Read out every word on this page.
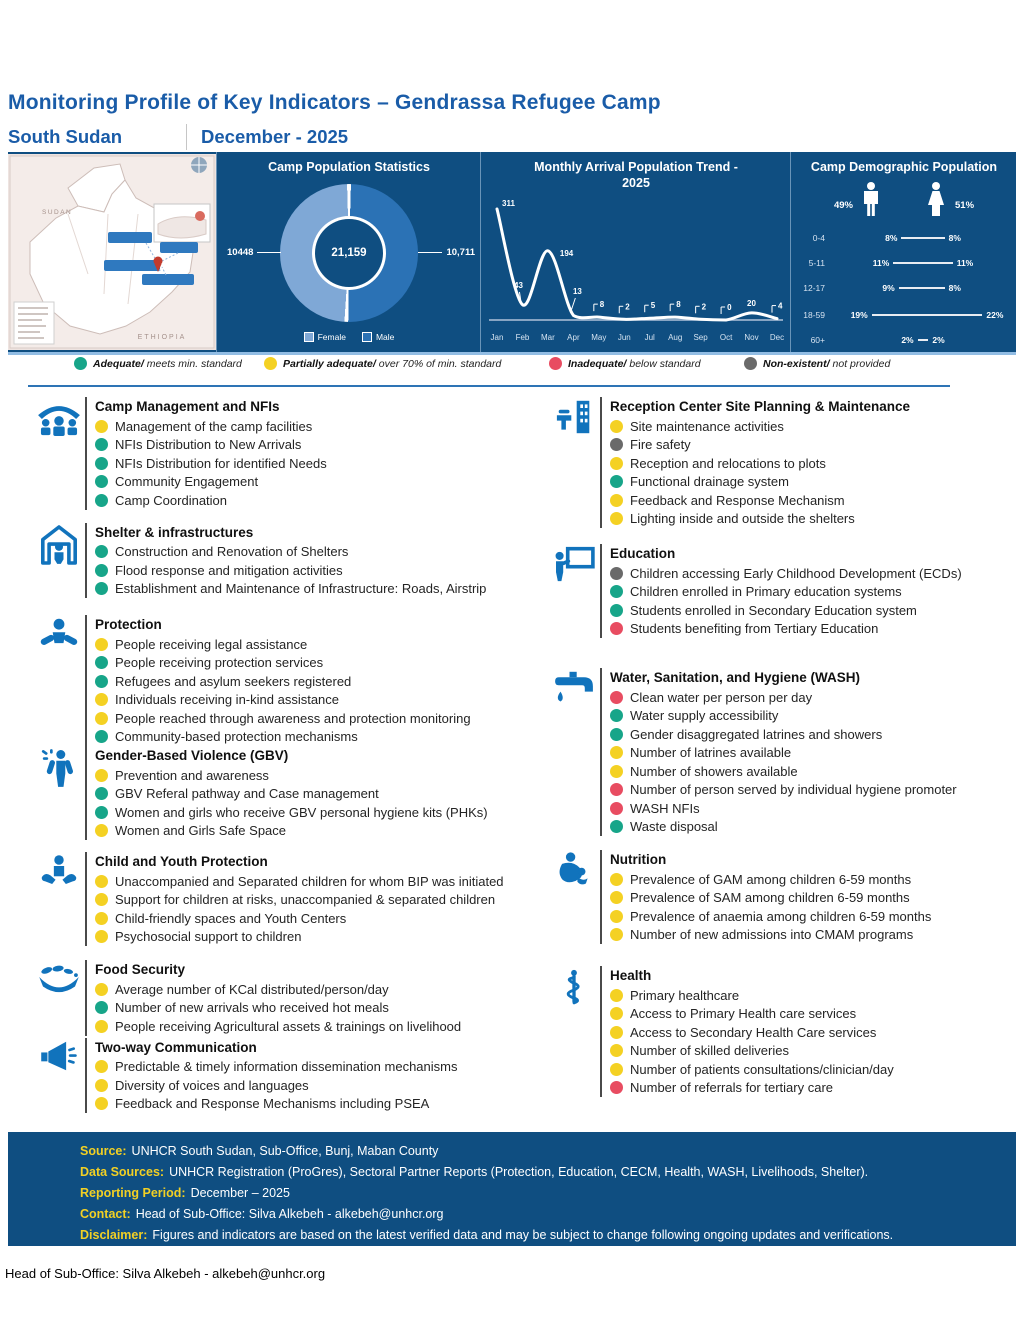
Monitoring Profile of Key Indicators – Gendrassa Refugee Camp
South Sudan	December - 2025
SUDAN
ETHIOPIA
Camp Population Statistics
21,159
10448	10,711
Female	Male
Monthly Arrival Population Trend - 2025
311
Jan
43
Feb
194
Mar
13
Apr
8
May
2
Jun
5
Jul
8
Aug
2
Sep
0
Oct
20
Nov
4
Dec
Camp Demographic Population
49%	51%
0-4	8%	8%
5-11	11%	11%
12-17	9%	8%
18-59	19%	22%
60+	2% 2%
Adequate/ meets min. standard	Partially adequate/ over 70% of min. standard	Inadequate/ below standard	Non-existent/ not provided
Camp Management and NFIs
Management of the camp facilities
NFIs Distribution to New Arrivals
NFIs Distribution for identified Needs
Community Engagement
Camp Coordination
Shelter & infrastructures
Construction and Renovation of Shelters
Flood response and mitigation activities
Establishment and Maintenance of Infrastructure: Roads, Airstrip
Protection
People receiving legal assistance
People receiving protection services
Refugees and asylum seekers registered
Individuals receiving in-kind assistance
People reached through awareness and protection monitoring
Community-based protection mechanisms
Gender-Based Violence (GBV)
Prevention and awareness
GBV Referal pathway and Case management
Women and girls who receive GBV personal hygiene kits (PHKs)
Women and Girls Safe Space
Child and Youth Protection
Unaccompanied and Separated children for whom BIP was initiated
Support for children at risks, unaccompanied & separated children
Child-friendly spaces and Youth Centers
Psychosocial support to children
Food Security
Average number of KCal distributed/person/day
Number of new arrivals who received hot meals
People receiving Agricultural assets & trainings on livelihood
Two-way Communication
Predictable & timely information dissemination mechanisms
Diversity of voices and languages
Feedback and Response Mechanisms including PSEA
Reception Center Site Planning & Maintenance
Site maintenance activities
Fire safety
Reception and relocations to plots
Functional drainage system
Feedback and Response Mechanism
Lighting inside and outside the shelters
Education
Children accessing Early Childhood Development (ECDs)
Children enrolled in Primary education systems
Students enrolled in Secondary Education system
Students benefiting from Tertiary Education
Water, Sanitation, and Hygiene (WASH)
Clean water per person per day
Water supply accessibility
Gender disaggregated latrines and showers
Number of latrines available
Number of showers available
Number of person served by individual hygiene promoter
WASH NFIs
Waste disposal
Nutrition
Prevalence of GAM among children 6-59 months
Prevalence of SAM among children 6-59 months
Prevalence of anaemia among children 6-59 months
Number of new admissions into CMAM programs
Health
Primary healthcare
Access to Primary Health care services
Access to Secondary Health Care services
Number of skilled deliveries
Number of patients consultations/clinician/day
Number of referrals for tertiary care
Source: UNHCR South Sudan, Sub-Office, Bunj, Maban County
Data Sources: UNHCR Registration (ProGres), Sectoral Partner Reports (Protection, Education, CECM, Health, WASH, Livelihoods, Shelter).
Reporting Period: December – 2025
Contact: Head of Sub-Office: Silva Alkebeh - alkebeh@unhcr.org
Disclaimer: Figures and indicators are based on the latest verified data and may be subject to change following ongoing updates and verifications.
Head of Sub-Office: Silva Alkebeh - alkebeh@unhcr.org
